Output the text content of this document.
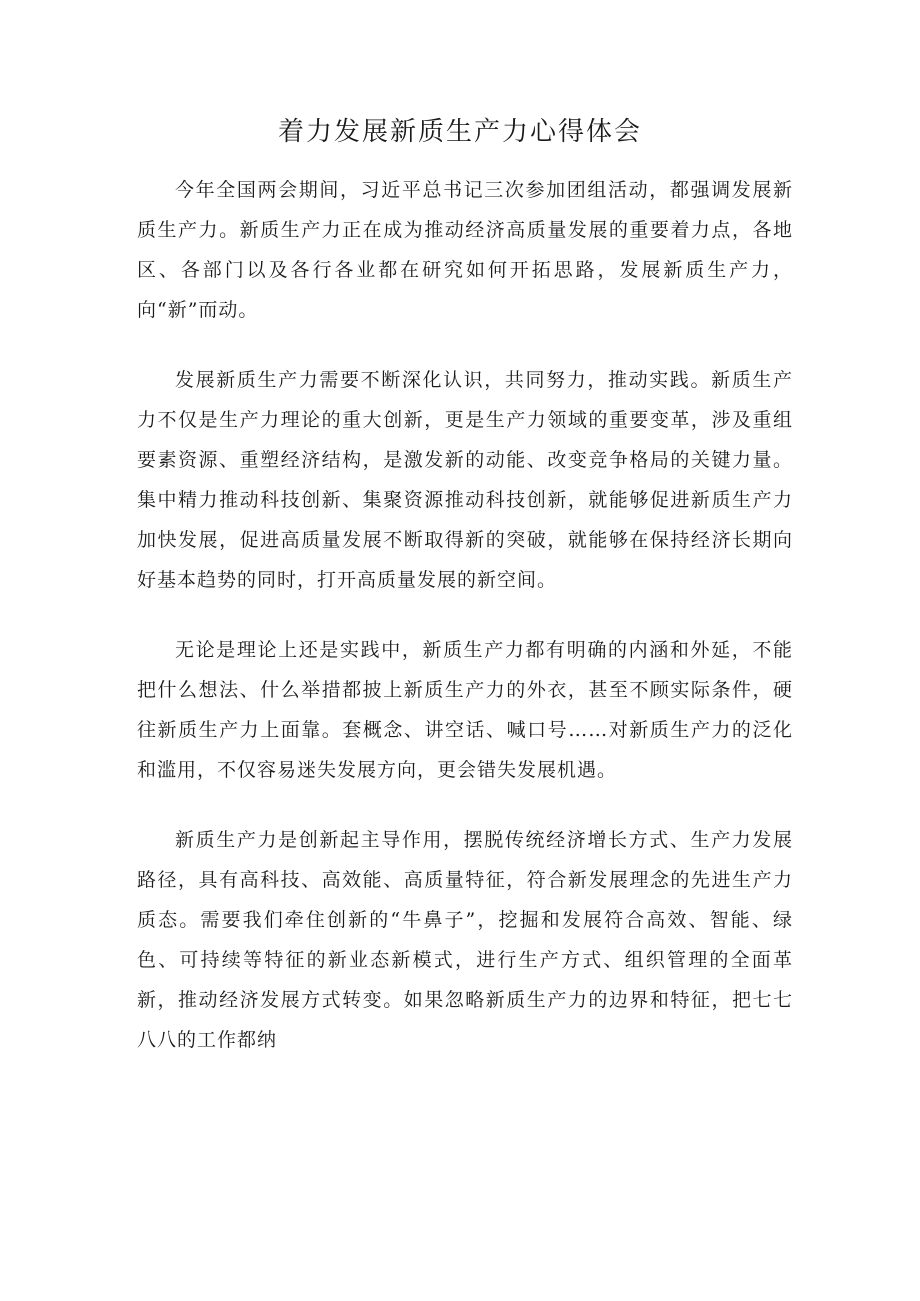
着力发展新质生产力心得体会

今年全国两会期间，习近平总书记三次参加团组活动，都强调发展新质生产力。新质生产力正在成为推动经济高质量发展的重要着力点，各地区、各部门以及各行各业都在研究如何开拓思路，发展新质生产力，向“新”而动。

发展新质生产力需要不断深化认识，共同努力，推动实践。新质生产力不仅是生产力理论的重大创新，更是生产力领域的重要变革，涉及重组要素资源、重塑经济结构，是激发新的动能、改变竞争格局的关键力量。集中精力推动科技创新、集聚资源推动科技创新，就能够促进新质生产力加快发展，促进高质量发展不断取得新的突破，就能够在保持经济长期向好基本趋势的同时，打开高质量发展的新空间。

无论是理论上还是实践中，新质生产力都有明确的内涵和外延，不能把什么想法、什么举措都披上新质生产力的外衣，甚至不顾实际条件，硬往新质生产力上面靠。套概念、讲空话、喊口号……对新质生产力的泛化和滥用，不仅容易迷失发展方向，更会错失发展机遇。

新质生产力是创新起主导作用，摆脱传统经济增长方式、生产力发展路径，具有高科技、高效能、高质量特征，符合新发展理念的先进生产力质态。需要我们牵住创新的“牛鼻子”，挖掘和发展符合高效、智能、绿色、可持续等特征的新业态新模式，进行生产方式、组织管理的全面革新，推动经济发展方式转变。如果忽略新质生产力的边界和特征，把七七八八的工作都纳
